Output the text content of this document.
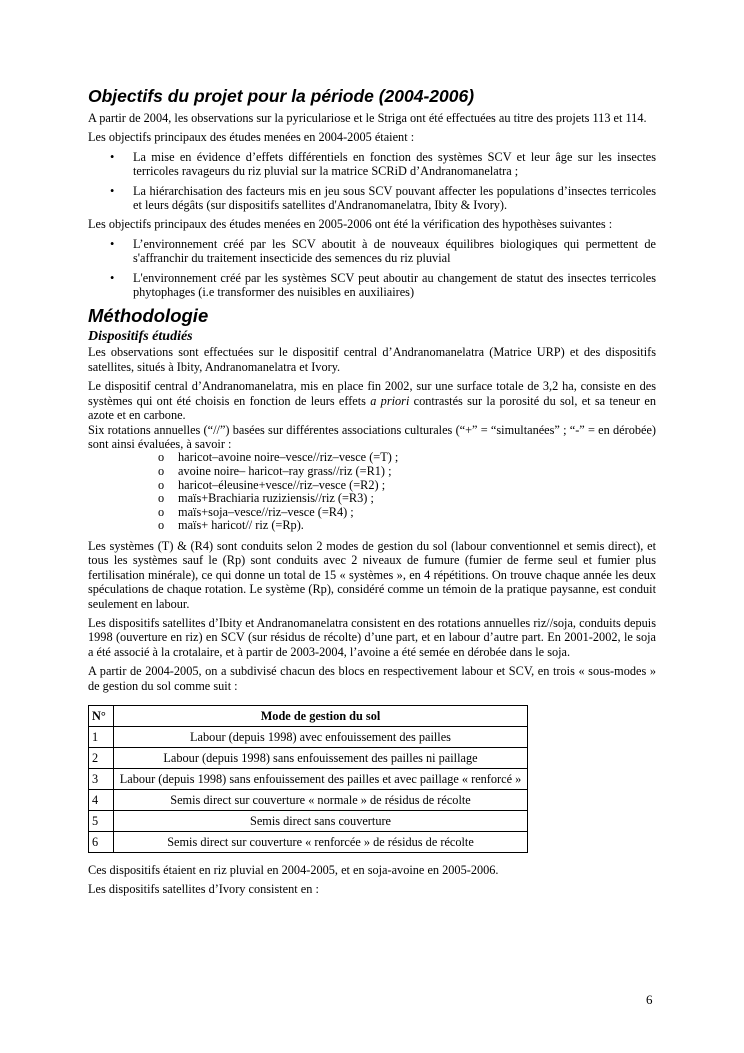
Objectifs du projet pour la période (2004-2006)

A partir de 2004, les observations sur la pyriculariose et le Striga ont été effectuées au titre des projets 113 et 114.

Les objectifs principaux des études menées en 2004-2005 étaient :

• La mise en évidence d’effets différentiels en fonction des systèmes SCV et leur âge sur les insectes terricoles ravageurs du riz pluvial sur la matrice SCRiD d’Andranomanelatra ;
• La hiérarchisation des facteurs mis en jeu sous SCV pouvant affecter les populations d’insectes terricoles et leurs dégâts (sur dispositifs satellites d'Andranomanelatra, Ibity & Ivory).

Les objectifs principaux des études menées en 2005-2006 ont été la vérification des hypothèses suivantes :

• L’environnement créé par les SCV aboutit à de nouveaux équilibres biologiques qui permettent de s'affranchir du traitement insecticide des semences du riz pluvial
• L'environnement créé par les systèmes SCV peut aboutir au changement de statut des insectes terricoles phytophages (i.e transformer des nuisibles en auxiliaires)
Méthodologie
Dispositifs étudiés

Les observations sont effectuées sur le dispositif central d’Andranomanelatra (Matrice URP) et des dispositifs satellites, situés à Ibity, Andranomanelatra et Ivory.

Le dispositif central d’Andranomanelatra, mis en place fin 2002, sur une surface totale de 3,2 ha, consiste en des systèmes qui ont été choisis en fonction de leurs effets a priori contrastés sur la porosité du sol, et sa teneur en azote et en carbone.

Six rotations annuelles (“//”) basées sur différentes associations culturales (“+” = “simultanées” ; “-” = en dérobée) sont ainsi évaluées, à savoir :

o haricot–avoine noire–vesce//riz–vesce (=T) ;
o avoine noire– haricot–ray grass//riz (=R1) ;
o haricot–éleusine+vesce//riz–vesce (=R2) ;
o maïs+Brachiaria ruziziensis//riz (=R3) ;
o maïs+soja–vesce//riz–vesce (=R4) ;
o maïs+ haricot// riz (=Rp).

Les systèmes (T) & (R4) sont conduits selon 2 modes de gestion du sol (labour conventionnel et semis direct), et tous les systèmes sauf le (Rp) sont conduits avec 2 niveaux de fumure (fumier de ferme seul et fumier plus fertilisation minérale), ce qui donne un total de 15 « systèmes », en 4 répétitions. On trouve chaque année les deux spéculations de chaque rotation. Le système (Rp), considéré comme un témoin de la pratique paysanne, est conduit seulement en labour.

Les dispositifs satellites d’Ibity et Andranomanelatra consistent en des rotations annuelles riz//soja, conduits depuis 1998 (ouverture en riz) en SCV (sur résidus de récolte) d’une part, et en labour d’autre part. En 2001-2002, le soja a été associé à la crotalaire, et à partir de 2003-2004, l’avoine a été semée en dérobée dans le soja.

A partir de 2004-2005, on a subdivisé chacun des blocs en respectivement labour et SCV, en trois « sous-modes » de gestion du sol comme suit :

N°	Mode de gestion du sol
1	Labour (depuis 1998) avec enfouissement des pailles
2	Labour (depuis 1998) sans enfouissement des pailles ni paillage
3	Labour (depuis 1998) sans enfouissement des pailles et avec paillage « renforcé »
4	Semis direct sur couverture « normale » de résidus de récolte
5	Semis direct sans couverture
6	Semis direct sur couverture « renforcée » de résidus de récolte

Ces dispositifs étaient en riz pluvial en 2004-2005, et en soja-avoine en 2005-2006.

Les dispositifs satellites d’Ivory consistent en :

6
